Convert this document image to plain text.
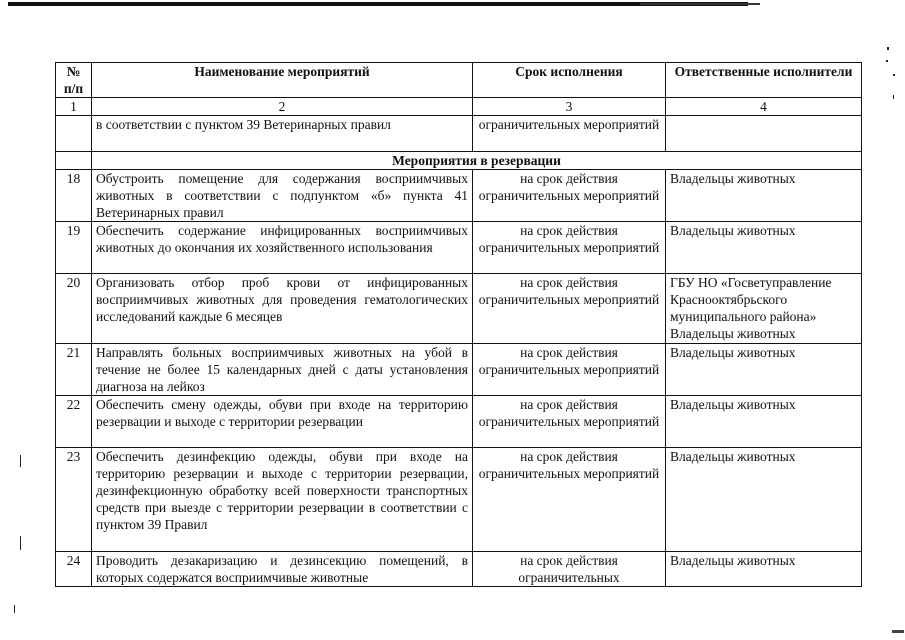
№ п/п	Наименование мероприятий	Срок исполнения	Ответственные исполнители
1	2	3	4
	в соответствии с пунктом 39 Ветеринарных правил	ограничительных мероприятий	
	Мероприятия в резервации		
18	Обустроить помещение для содержания восприимчивых животных в соответствии с подпунктом «б» пункта 41 Ветеринарных правил	на срок действия ограничительных мероприятий	Владельцы животных

19	Обеспечить содержание инфицированных восприимчивых животных до окончания их хозяйственного использования	на срок действия ограничительных мероприятий	Владельцы животных

20	Организовать отбор проб крови от инфицированных восприимчивых животных для проведения гематологических исследований каждые 6 месяцев	на срок действия ограничительных мероприятий	ГБУ НО «Госветуправление
Краснооктябрьского
муниципального района»
Владельцы животных

21	Направлять больных восприимчивых животных на убой в течение не более 15 календарных дней с даты установления диагноза на лейкоз	на срок действия ограничительных мероприятий	Владельцы животных

22	Обеспечить смену одежды, обуви при входе на территорию резервации и выходе с территории резервации	на срок действия ограничительных мероприятий	Владельцы животных

23	Обеспечить дезинфекцию одежды, обуви при входе на территорию резервации и выходе с территории резервации, дезинфекционную обработку всей поверхности транспортных средств при выезде с территории резервации в соответствии с пунктом 39 Правил	на срок действия ограничительных мероприятий	Владельцы животных

24	Проводить дезакаризацию и дезинсекцию помещений, в которых содержатся восприимчивые животные	на срок действия ограничительных	Владельцы животных
